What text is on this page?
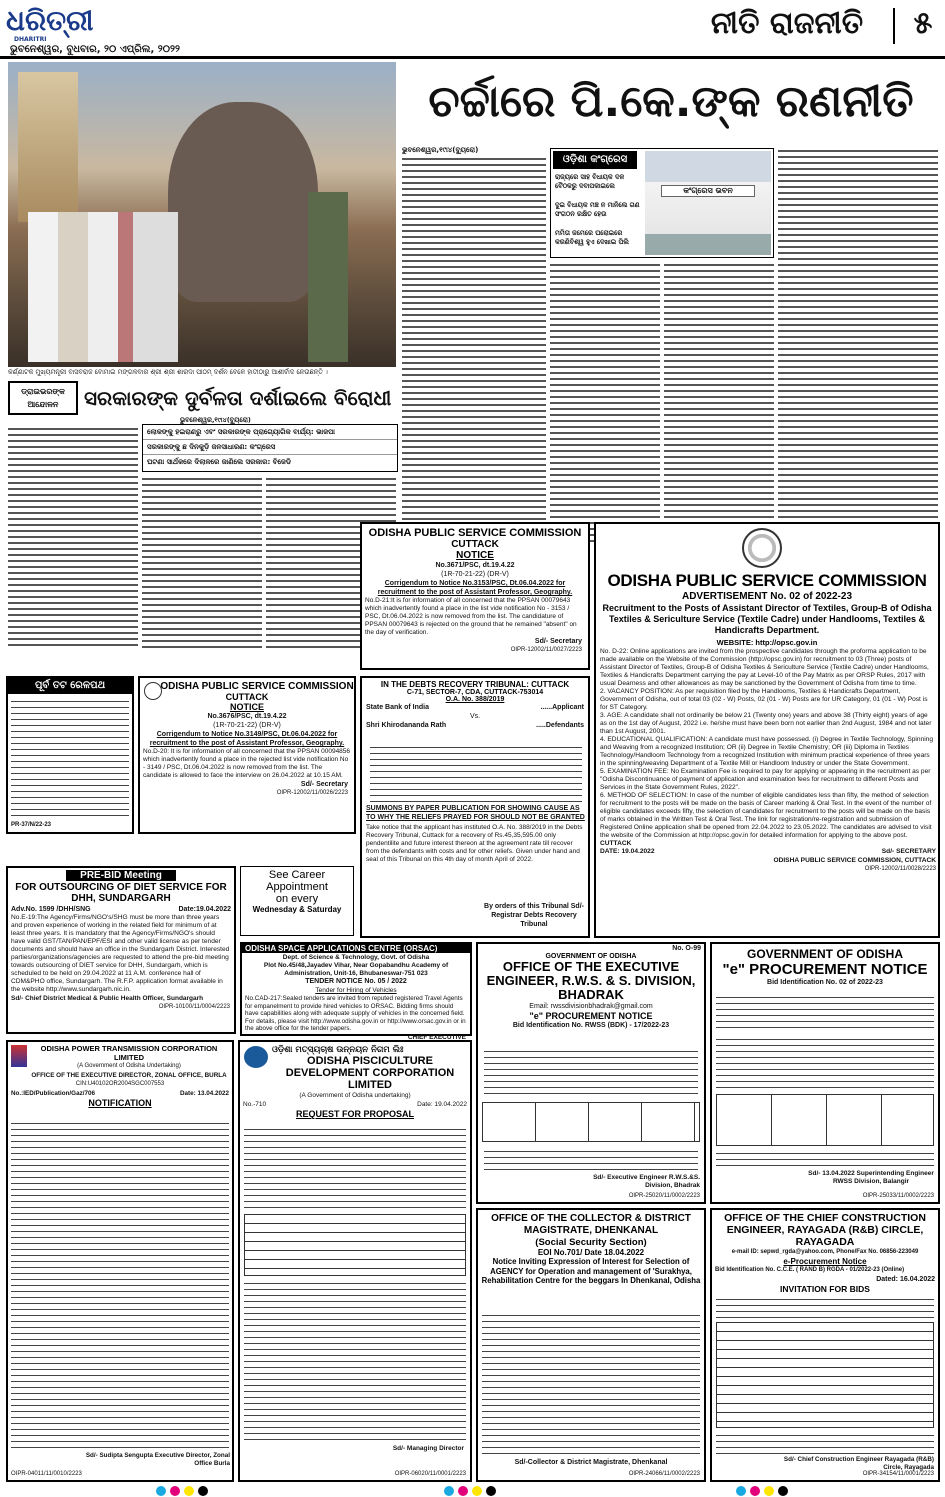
ଧରିତ୍ରୀ
DHARITRI
ଭୁବନେଶ୍ୱର, ବୁଧବାର, ୨୦ ଏପ୍ରିଲ, ୨୦୨୨
ନୀତି ରାଜନୀତି	୫
କର୍ଣ୍ଣାଟକ ମୁଖ୍ୟମନ୍ତ୍ରୀ ବାସବରାଜ ବୋମାଇ ମଙ୍ଗଳବାର ଶ୍ରୀ ଶ୍ରୀ ଶାରଦା ପୀଠମ୍ ଦର୍ଶନ ବେଳେ ହାତୀଠାରୁ ଆଶୀର୍ବାଦ ନେଉଛନ୍ତି ।
ଚର୍ଚ୍ଚାରେ ପି.କେ.ଙ୍କ ରଣନୀତି
ଭୁବନେଶ୍ୱର,୧୯ା୪(ବ୍ୟୁରୋ)
ଓଡ଼ିଶା କଂଗ୍ରେସ
ରାଜ୍ୟରେ ସାହ ବିଧାୟକ ଦଳ ବୈଠକରୁ ଦବାପକାଇଲେ
ଦୁଇ ବିଧାୟକ ମଞ୍ଚ ନ ମାନିଲେ ଗଣ ସଂଗଠନ ରକ୍ଷିତ ହେଉ
ମମିତା ଜମେରେ ଘରୋଇରେ କରଣିବିଶ୍ୱ ହୁଏ ଦେଖାଇ ପିଲି
କଂଗ୍ରେସ ଭବନ
ଡ୍ରାଇଭରଙ୍କ ଆନ୍ଦୋଳନ	ସରକାରଙ୍କ ଦୁର୍ବଳତା ଦର୍ଶାଇଲେ ବିରୋଧୀ
ଭୁବନେଶ୍ୱର,୧୯ା୪(ବ୍ୟୁରୋ)
ଲୋକଙ୍କୁ ହଇରାଣରୁ ଏବଂ ସରକାରଙ୍କ ପ୍ରାଗ୍ୟୋଗିକ ବାର୍ଯ୍ୟ: ଭାଜପା
ସରକାରଙ୍କୁ ଛ ଦିନକୁଡ଼ି ଜନସାଧାରଣ: କଂଗ୍ରେସ
ଘଟଣା ସାର୍ଥକରେ ଦିଲାଳରେ ଜାଣିଲେ ସରକାର: ବିଜେଡି
ODISHA PUBLIC SERVICE COMMISSION
CUTTACK
NOTICE
No.3671/PSC, dt.19.4.22
(1R-70-21-22) (DR-V)
Corrigendum to Notice No.3153/PSC, Dt.06.04.2022 for recruitment to the post of Assistant Professor, Geography.
No.D-21:It is for information of all concerned that the PPSAN 00079643 which inadvertently found a place in the list vide notification No - 3153 / PSC, Dt.06.04.2022 is now removed from the list. The candidature of PPSAN 00079643 is rejected on the ground that he remained "absent" on the day of verification.
Sd/- Secretary
OIPR-12002/11/0027/2223
ODISHA PUBLIC SERVICE COMMISSION
ADVERTISEMENT No. 02 of 2022-23
Recruitment to the Posts of Assistant Director of Textiles, Group-B of Odisha Textiles & Sericulture Service (Textile Cadre) under Handlooms, Textiles & Handicrafts Department.
WEBSITE: http://opsc.gov.in
No. D-22: Online applications are invited from the prospective candidates through the proforma application to be made available on the Website of the Commission (http://opsc.gov.in) for recruitment to 03 (Three) posts of Assistant Director of Textiles, Group-B of Odisha Textiles & Sericulture Service (Textile Cadre) under Handlooms, Textiles & Handicrafts Department carrying the pay at Level-10 of the Pay Matrix as per ORSP Rules, 2017 with usual Dearness and other allowances as may be sanctioned by the Government of Odisha from time to time.
2. VACANCY POSITION: As per requisition filed by the Handlooms, Textiles & Handicrafts Department, Government of Odisha, out of total 03 (02 - W) Posts, 02 (01 - W) Posts are for UR Category, 01 (01 - W) Post is for ST Category.
3. AGE: A candidate shall not ordinarily be below 21 (Twenty one) years and above 38 (Thirty eight) years of age as on the 1st day of August, 2022 i.e. he/she must have been born not earlier than 2nd August, 1984 and not later than 1st August, 2001.
4. EDUCATIONAL QUALIFICATION: A candidate must have possessed. (i) Degree in Textile Technology, Spinning and Weaving from a recognized Institution; OR (ii) Degree in Textile Chemistry; OR (iii) Diploma in Textiles Technology/Handloom Technology from a recognized Institution with minimum practical experience of three years in the spinning/weaving Department of a Textile Mill or Handloom Industry or under the State Government.
5. EXAMINATION FEE: No Examination Fee is required to pay for applying or appearing in the recruitment as per "Odisha Discontinuance of payment of application and examination fees for recruitment to different Posts and Services in the State Government Rules, 2022".
6. METHOD OF SELECTION: In case of the number of eligible candidates less than fifty, the method of selection for recruitment to the posts will be made on the basis of Career marking & Oral Test. In the event of the number of eligible candidates exceeds fifty, the selection of candidates for recruitment to the posts will be made on the basis of marks obtained in the Written Test & Oral Test. The link for registration/re-registration and submission of Registered Online application shall be opened from 22.04.2022 to 23.05.2022. The candidates are advised to visit the website of the Commission at http://opsc.gov.in for detailed information for applying to the above post.
CUTTACK
DATE: 19.04.2022	Sd/- SECRETARY
ODISHA PUBLIC SERVICE COMMISSION, CUTTACK
OIPR-12002/11/0028/2223
ପୂର୍ବ ତଟ ରେଳପଥ
PR-37/N/22-23
ODISHA PUBLIC SERVICE COMMISSION
CUTTACK
NOTICE
No.3676/PSC, dt.19.4.22
(1R-70-21-22) (DR-V)
Corrigendum to Notice No.3149/PSC, Dt.06.04.2022 for recruitment to the post of Assistant Professor, Geography.
No.D-20: It is for information of all concerned that the PPSAN 00094856 which inadvertently found a place in the rejected list vide notification No - 3149 / PSC, Dt.06.04.2022 is now removed from the list. The candidate is allowed to face the interview on 26.04.2022 at 10.15 AM.
Sd/- Secretary
OIPR-12002/11/0026/2223
IN THE DEBTS RECOVERY TRIBUNAL: CUTTACK
C-71, SECTOR-7, CDA, CUTTACK-753014
O.A. No. 388/2019
State Bank of India	......Applicant
Vs.
Shri Khirodananda Rath	.....Defendants
SUMMONS BY PAPER PUBLICATION FOR SHOWING CAUSE AS TO WHY THE RELIEFS PRAYED FOR SHOULD NOT BE GRANTED
Take notice that the applicant has instituted O.A. No. 388/2019 in the Debts Recovery Tribunal, Cuttack for a recovery of Rs.45,35,595.00 only pendentilite and future interest thereon at the agreement rate till recover from the defendants with costs and for other reliefs. Given under hand and seal of this Tribunal on this 4th day of month April of 2022.
By orders of this Tribunal Sd/- Registrar Debts Recovery Tribunal
PRE-BID Meeting
FOR OUTSOURCING OF DIET SERVICE FOR DHH, SUNDARGARH
Adv.No. 1599 /DHH/SNG	Date:19.04.2022
No.E-19:The Agency/Firms/NGO's/SHG must be more than three years and proven experience of working in the related field for minimum of at least three years. It is mandatory that the Agency/Firms/NGO's should have valid GST/TAN/PAN/EPF/ESI and other valid license as per tender documents and should have an office in the Sundargarh District. Interested parties/organizations/agencies are requested to attend the pre-bid meeting towards outsourcing of DIET service for DHH, Sundargarh, which is scheduled to be held on 29.04.2022 at 11 A.M. conference hall of CDM&PHO office, Sundargarh. The R.F.P. application format available in the website http://www.sundargarh.nic.in.
Sd/- Chief District Medical & Public Health Officer, Sundargarh
OIPR-10100/11/0004/2223
See Career
Appointment
on every
Wednesday & Saturday
ODISHA SPACE APPLICATIONS CENTRE (ORSAC)
Dept. of Science & Technology, Govt. of Odisha
Plot No.45/48,Jayadev Vihar, Near Gopabandhu Academy of Administration, Unit-16, Bhubaneswar-751 023
TENDER NOTICE No. 05 / 2022
Tender for Hiring of Vehicles
No.CAD-217:Sealed tenders are invited from reputed registered Travel Agents for empanelment to provide hired vehicles to ORSAC. Bidding firms should have capabilities along with adequate supply of vehicles in the concerned field. For details, please visit http://www.odisha.gov.in or http://www.orsac.gov.in or in the above office for the tender papers.
CHIEF EXECUTIVE
No. O-99
GOVERNMENT OF ODISHA
OFFICE OF THE EXECUTIVE ENGINEER, R.W.S. & S. DIVISION, BHADRAK
Email: rwssdivisionbhadrak@gmail.com
"e" PROCUREMENT NOTICE
Bid Identification No. RWSS (BDK) - 17/2022-23
Sd/- Executive Engineer R.W.S.&S. Division, Bhadrak
OIPR-25020/11/0002/2223
GOVERNMENT OF ODISHA
"e" PROCUREMENT NOTICE
Bid Identification No. 02 of 2022-23
Sd/- 13.04.2022 Superintending Engineer RWSS Division, Balangir
OIPR-25033/11/0002/2223
ODISHA POWER TRANSMISSION CORPORATION LIMITED
(A Government of Odisha Undertaking)
OFFICE OF THE EXECUTIVE DIRECTOR, ZONAL OFFICE, BURLA
CIN:U40102OR2004SGC007553
No.:IED/Publication/Gaz/706	Date: 13.04.2022
NOTIFICATION
Sd/- Sudipta Sengupta Executive Director, Zonal Office Burla
OIPR-04011/11/0010/2223
ଓଡ଼ିଶା ମତ୍ସ୍ୟଚାଷ ଉନ୍ନୟନ ନିଗମ ଲିଃ
ODISHA PISCICULTURE DEVELOPMENT CORPORATION LIMITED
(A Government of Odisha undertaking)
No.-710	Date: 19.04.2022
REQUEST FOR PROPOSAL
Sd/- Managing Director
OIPR-06020/11/0001/2223
OFFICE OF THE COLLECTOR & DISTRICT MAGISTRATE, DHENKANAL
(Social Security Section)
EOI No.701/ Date 18.04.2022
Notice Inviting Expression of Interest for Selection of AGENCY for Operation and management of 'Surakhya, Rehabilitation Centre for the beggars In Dhenkanal, Odisha
Sd/-Collector & District Magistrate, Dhenkanal
OIPR-24066/11/0002/2223
OFFICE OF THE CHIEF CONSTRUCTION ENGINEER, RAYAGADA (R&B) CIRCLE, RAYAGADA
e-mail ID: sepwd_rgda@yahoo.com, Phone/Fax No. 06856-223049
e-Procurement Notice
Bid Identification No. C.C.E. ( RAND B) RGDA - 01/2022-23 (Online)
Dated: 16.04.2022
INVITATION FOR BIDS
Sd/- Chief Construction Engineer Rayagada (R&B) Circle, Rayagada
OIPR-34154/11/0001/2223
